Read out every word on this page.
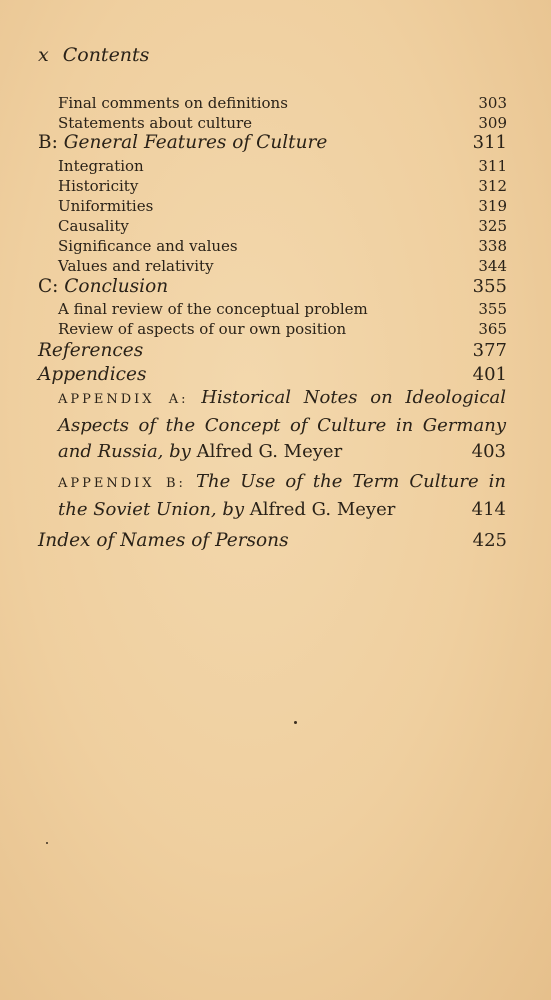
x Contents
Final comments on definitions	303
Statements about culture	309
B: General Features of Culture	311
Integration	311
Historicity	312
Uniformities	319
Causality	325
Significance and values	338
Values and relativity	344
C: Conclusion	355
A final review of the conceptual problem	355
Review of aspects of our own position	365
References	377
Appendices	401
APPENDIX A: Historical Notes on Ideological Aspects of the Concept of Culture in Germany and Russia, by Alfred G. Meyer	403
APPENDIX B: The Use of the Term Culture in the Soviet Union, by Alfred G. Meyer	414
Index of Names of Persons	425
